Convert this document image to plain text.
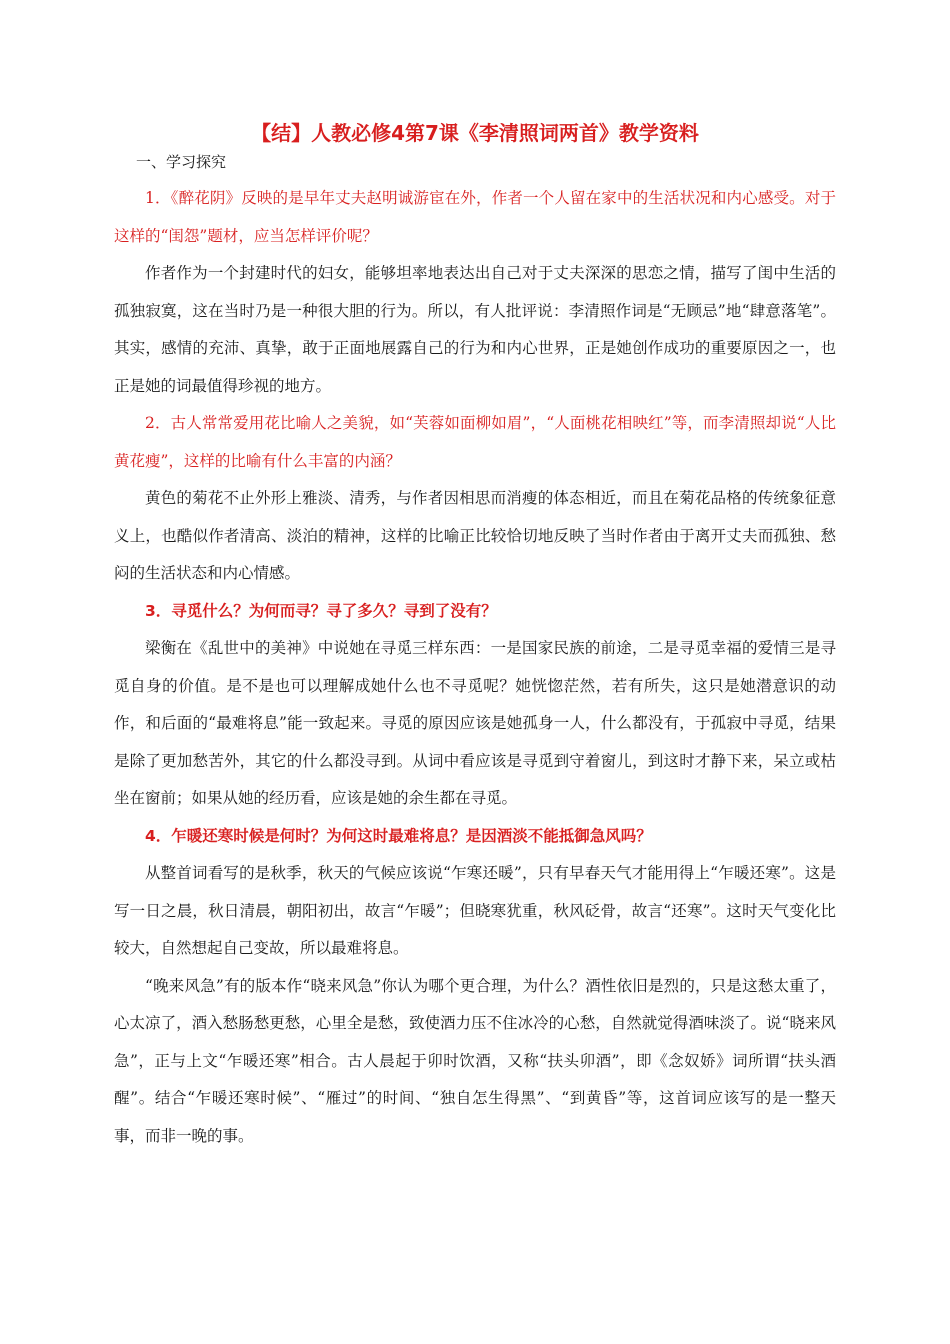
【结】人教必修4第7课《李清照词两首》教学资料
一、学习探究

1．《醉花阴》反映的是早年丈夫赵明诚游宦在外，作者一个人留在家中的生活状况和内心感受。对于这样的“闺怨”题材，应当怎样评价呢？

作者作为一个封建时代的妇女，能够坦率地表达出自己对于丈夫深深的思恋之情，描写了闺中生活的孤独寂寞，这在当时乃是一种很大胆的行为。所以，有人批评说：李清照作词是“无顾忌”地“肆意落笔”。其实，感情的充沛、真挚，敢于正面地展露自己的行为和内心世界，正是她创作成功的重要原因之一，也正是她的词最值得珍视的地方。

2．古人常常爱用花比喻人之美貌，如“芙蓉如面柳如眉”，“人面桃花相映红”等，而李清照却说“人比黄花瘦”，这样的比喻有什么丰富的内涵？

黄色的菊花不止外形上雅淡、清秀，与作者因相思而消瘦的体态相近，而且在菊花品格的传统象征意义上，也酷似作者清高、淡泊的精神，这样的比喻正比较恰切地反映了当时作者由于离开丈夫而孤独、愁闷的生活状态和内心情感。

3．寻觅什么？为何而寻？寻了多久？寻到了没有？

梁衡在《乱世中的美神》中说她在寻觅三样东西：一是国家民族的前途，二是寻觅幸福的爱情三是寻觅自身的价值。是不是也可以理解成她什么也不寻觅呢？她恍惚茫然，若有所失，这只是她潜意识的动作，和后面的“最难将息”能一致起来。寻觅的原因应该是她孤身一人，什么都没有，于孤寂中寻觅，结果是除了更加愁苦外，其它的什么都没寻到。从词中看应该是寻觅到守着窗儿，到这时才静下来，呆立或枯坐在窗前；如果从她的经历看，应该是她的余生都在寻觅。

4．乍暖还寒时候是何时？为何这时最难将息？是因酒淡不能抵御急风吗？

从整首词看写的是秋季，秋天的气候应该说“乍寒还暖”，只有早春天气才能用得上“乍暖还寒”。这是写一日之晨，秋日清晨，朝阳初出，故言“乍暖”；但晓寒犹重，秋风砭骨，故言“还寒”。这时天气变化比较大，自然想起自己变故，所以最难将息。

“晚来风急”有的版本作“晓来风急”你认为哪个更合理，为什么？酒性依旧是烈的，只是这愁太重了，心太凉了，酒入愁肠愁更愁，心里全是愁，致使酒力压不住冰冷的心愁，自然就觉得酒味淡了。说“晓来风急”，正与上文“乍暖还寒”相合。古人晨起于卯时饮酒，又称“扶头卯酒”，即《念奴娇》词所谓“扶头酒醒”。结合“乍暖还寒时候”、“雁过”的时间、“独自怎生得黑”、“到黄昏”等，这首词应该写的是一整天事，而非一晚的事。
